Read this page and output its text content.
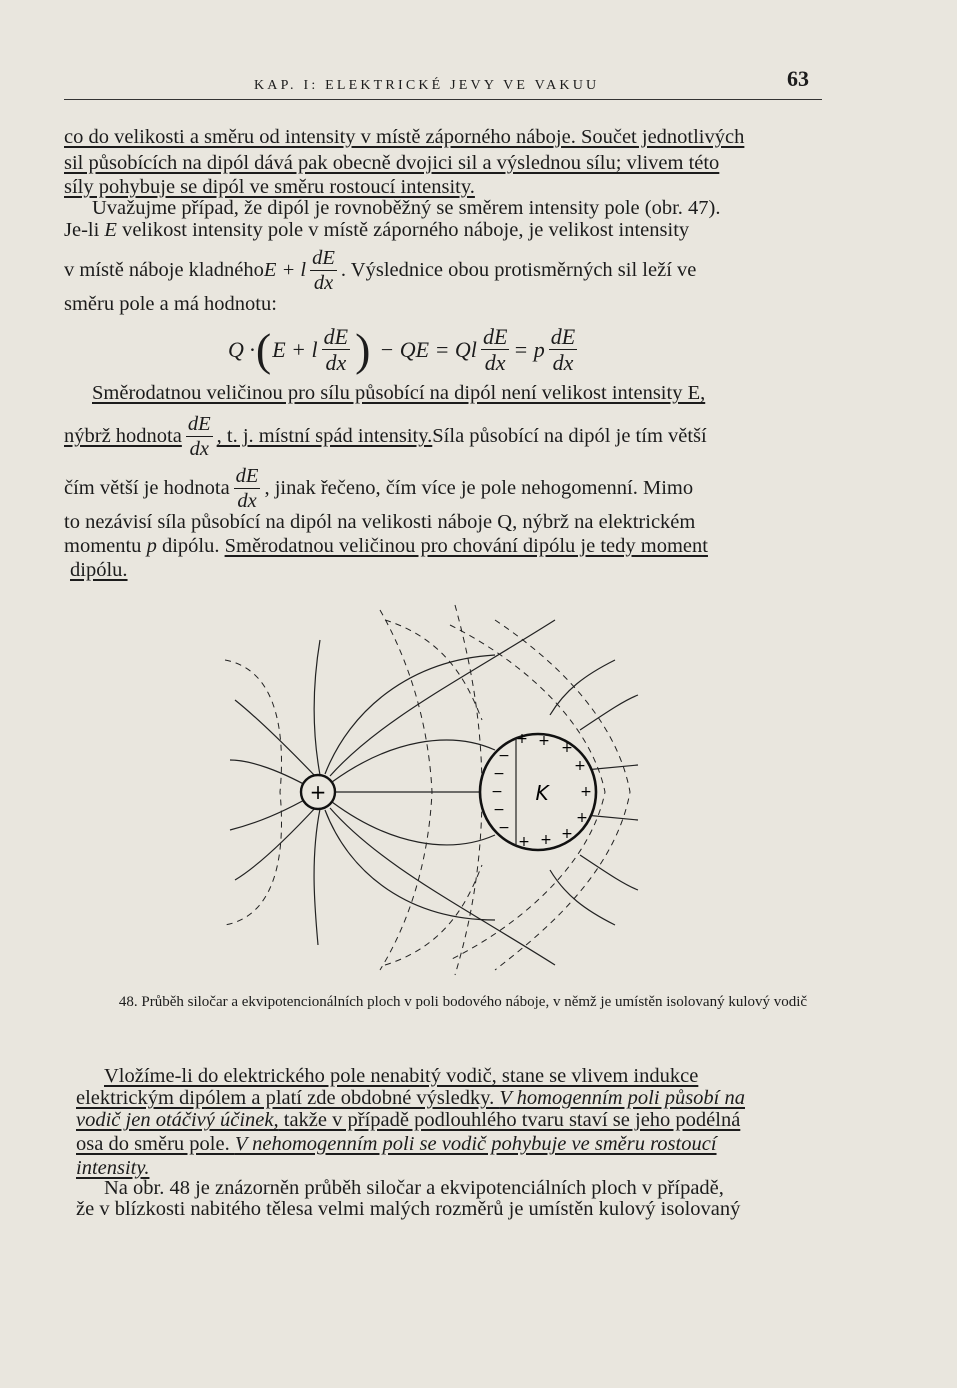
KAP. I: ELEKTRICKÉ JEVY VE VAKUU	63
co do velikosti a směru od intensity v místě záporného náboje. Součet jednotlivých
sil působících na dipól dává pak obecně dvojici sil a výslednou sílu; vlivem této
síly pohybuje se dipól ve směru rostoucí intensity.
Uvažujme případ, že dipól je rovnoběžný se směrem intensity pole (obr. 47).
Je-li E velikost intensity pole v místě záporného náboje, je velikost intensity
v místě náboje kladného E + l $\frac{dE}{dx}$ . Výslednice obou protisměrných sil leží ve
směru pole a má hodnotu:
Q · ( E + l $\frac{dE}{dx}$ ) − QE = Ql $\frac{dE}{dx} = p \frac{dE}{dx}$
Směrodatnou veličinou pro sílu působící na dipól není velikost intensity E,
nýbrž hodnota $\frac{dE}{dx}$ , t. j. místní spád intensity. Síla působící na dipól je tím větší
čím větší je hodnota $\frac{dE}{dx}$ , jinak řečeno, čím více je pole nehogomenní. Mimo
to nezávisí síla působící na dipól na velikosti náboje Q, nýbrž na elektrickém
momentu p dipólu. Směrodatnou veličinou pro chování dipólu je tedy moment
dipólu.
+	K
+ + +
+
+
+
+
+
+
−
−
−
−
−
48. Průběh siločar a ekvipotencionálních ploch v poli bodového náboje, v němž je umístěn isolovaný kulový vodič
Vložíme-li do elektrického pole nenabitý vodič, stane se vlivem indukce
elektrickým dipólem a platí zde obdobné výsledky. V homogenním poli působí na
vodič jen otáčivý účinek, takže v případě podlouhlého tvaru staví se jeho podélná
osa do směru pole. V nehomogenním poli se vodič pohybuje ve směru rostoucí
intensity.
Na obr. 48 je znázorněn průběh siločar a ekvipotenciálních ploch v případě,
že v blízkosti nabitého tělesa velmi malých rozměrů je umístěn kulový isolovaný
